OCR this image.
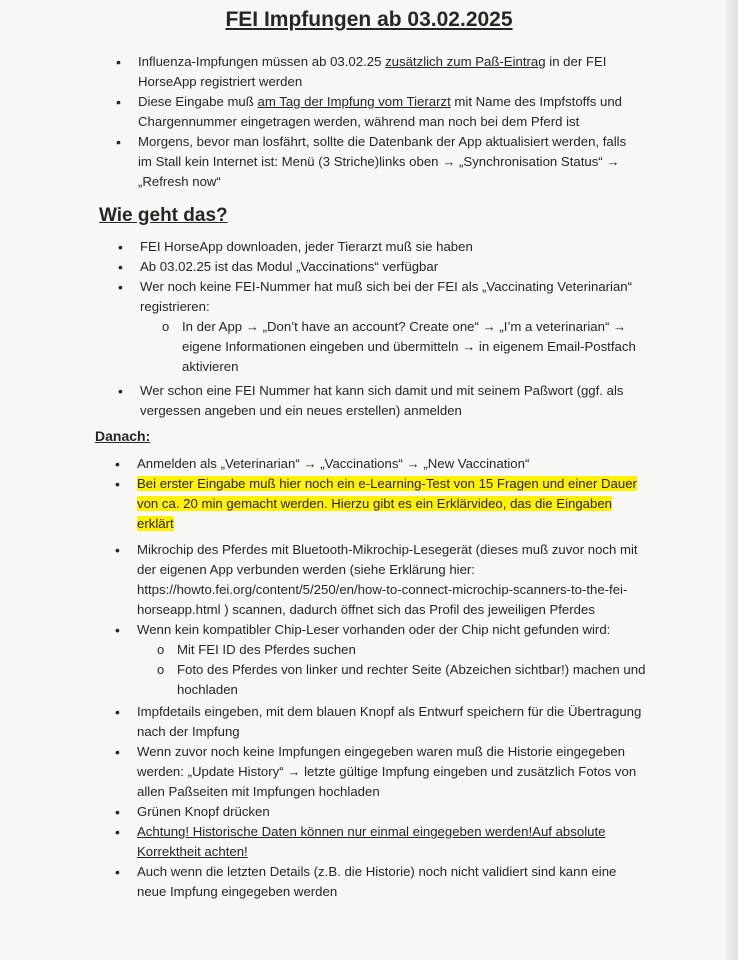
FEI Impfungen ab 03.02.2025
• Influenza-Impfungen müssen ab 03.02.25 zusätzlich zum Paß-Eintrag in der FEI HorseApp registriert werden
• Diese Eingabe muß am Tag der Impfung vom Tierarzt mit Name des Impfstoffs und Chargennummer eingetragen werden, während man noch bei dem Pferd ist
• Morgens, bevor man losfährt, sollte die Datenbank der App aktualisiert werden, falls im Stall kein Internet ist: Menü (3 Striche)links oben → „Synchronisation Status“ → „Refresh now“
Wie geht das?
• FEI HorseApp downloaden, jeder Tierarzt muß sie haben
• Ab 03.02.25 ist das Modul „Vaccinations“ verfügbar
• Wer noch keine FEI-Nummer hat muß sich bei der FEI als „Vaccinating Veterinarian“ registrieren:
o In der App → „Don’t have an account? Create one“ → „I’m a veterinarian“ → eigene Informationen eingeben und übermitteln → in eigenem Email-Postfach aktivieren
• Wer schon eine FEI Nummer hat kann sich damit und mit seinem Paßwort (ggf. als vergessen angeben und ein neues erstellen) anmelden
Danach:
• Anmelden als „Veterinarian“ → „Vaccinations“ → „New Vaccination“
• Bei erster Eingabe muß hier noch ein e-Learning-Test von 15 Fragen und einer Dauer von ca. 20 min gemacht werden. Hierzu gibt es ein Erklärvideo, das die Eingaben erklärt
• Mikrochip des Pferdes mit Bluetooth-Mikrochip-Lesegerät (dieses muß zuvor noch mit der eigenen App verbunden werden (siehe Erklärung hier: https://howto.fei.org/content/5/250/en/how-to-connect-microchip-scanners-to-the-fei-horseapp.html ) scannen, dadurch öffnet sich das Profil des jeweiligen Pferdes
• Wenn kein kompatibler Chip-Leser vorhanden oder der Chip nicht gefunden wird:
o Mit FEI ID des Pferdes suchen
o Foto des Pferdes von linker und rechter Seite (Abzeichen sichtbar!) machen und hochladen
• Impfdetails eingeben, mit dem blauen Knopf als Entwurf speichern für die Übertragung nach der Impfung
• Wenn zuvor noch keine Impfungen eingegeben waren muß die Historie eingegeben werden: „Update History“ → letzte gültige Impfung eingeben und zusätzlich Fotos von allen Paßseiten mit Impfungen hochladen
• Grünen Knopf drücken
• Achtung! Historische Daten können nur einmal eingegeben werden!Auf absolute Korrektheit achten!
• Auch wenn die letzten Details (z.B. die Historie) noch nicht validiert sind kann eine neue Impfung eingegeben werden
